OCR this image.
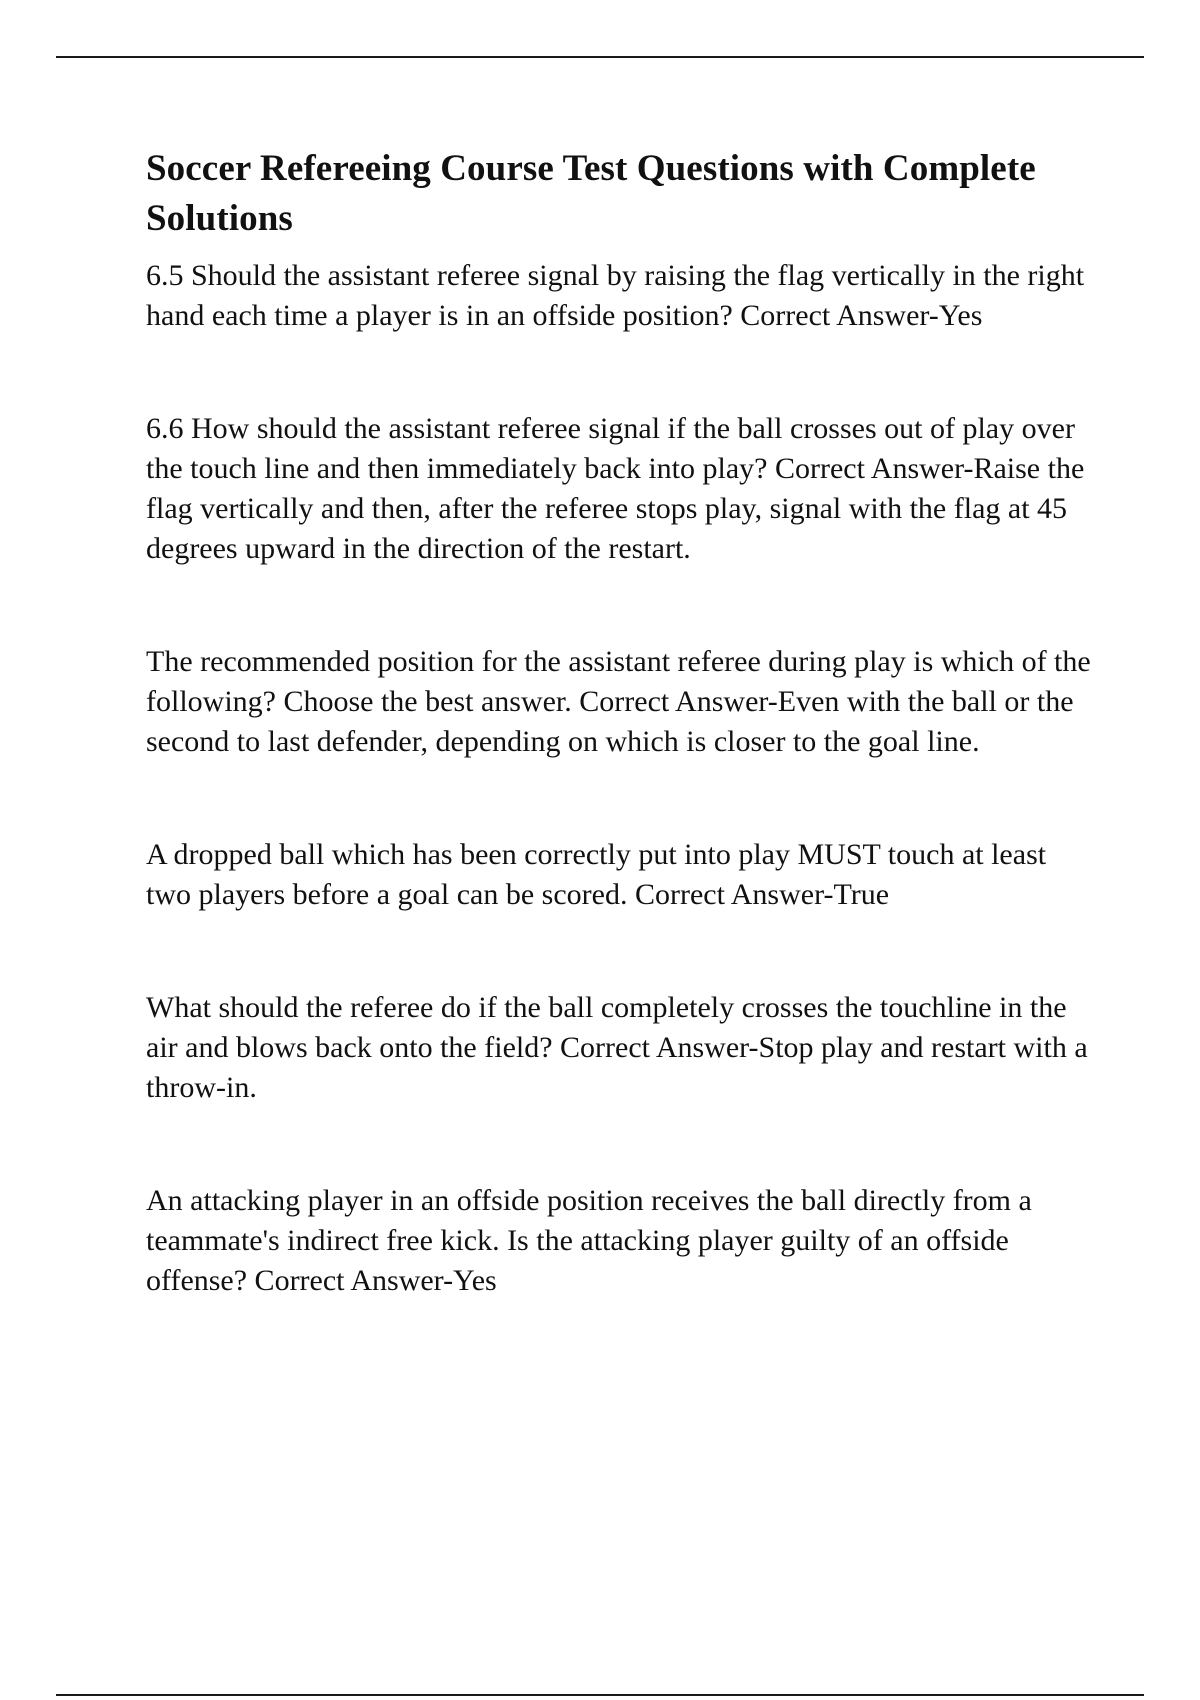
Soccer Refereeing Course Test Questions with Complete Solutions

6.5 Should the assistant referee signal by raising the flag vertically in the right hand each time a player is in an offside position? Correct Answer-Yes

6.6 How should the assistant referee signal if the ball crosses out of play over the touch line and then immediately back into play? Correct Answer-Raise the flag vertically and then, after the referee stops play, signal with the flag at 45 degrees upward in the direction of the restart.

The recommended position for the assistant referee during play is which of the following? Choose the best answer. Correct Answer-Even with the ball or the second to last defender, depending on which is closer to the goal line.

A dropped ball which has been correctly put into play MUST touch at least two players before a goal can be scored. Correct Answer-True

What should the referee do if the ball completely crosses the touchline in the air and blows back onto the field? Correct Answer-Stop play and restart with a throw-in.

An attacking player in an offside position receives the ball directly from a teammate's indirect free kick. Is the attacking player guilty of an offside offense? Correct Answer-Yes
